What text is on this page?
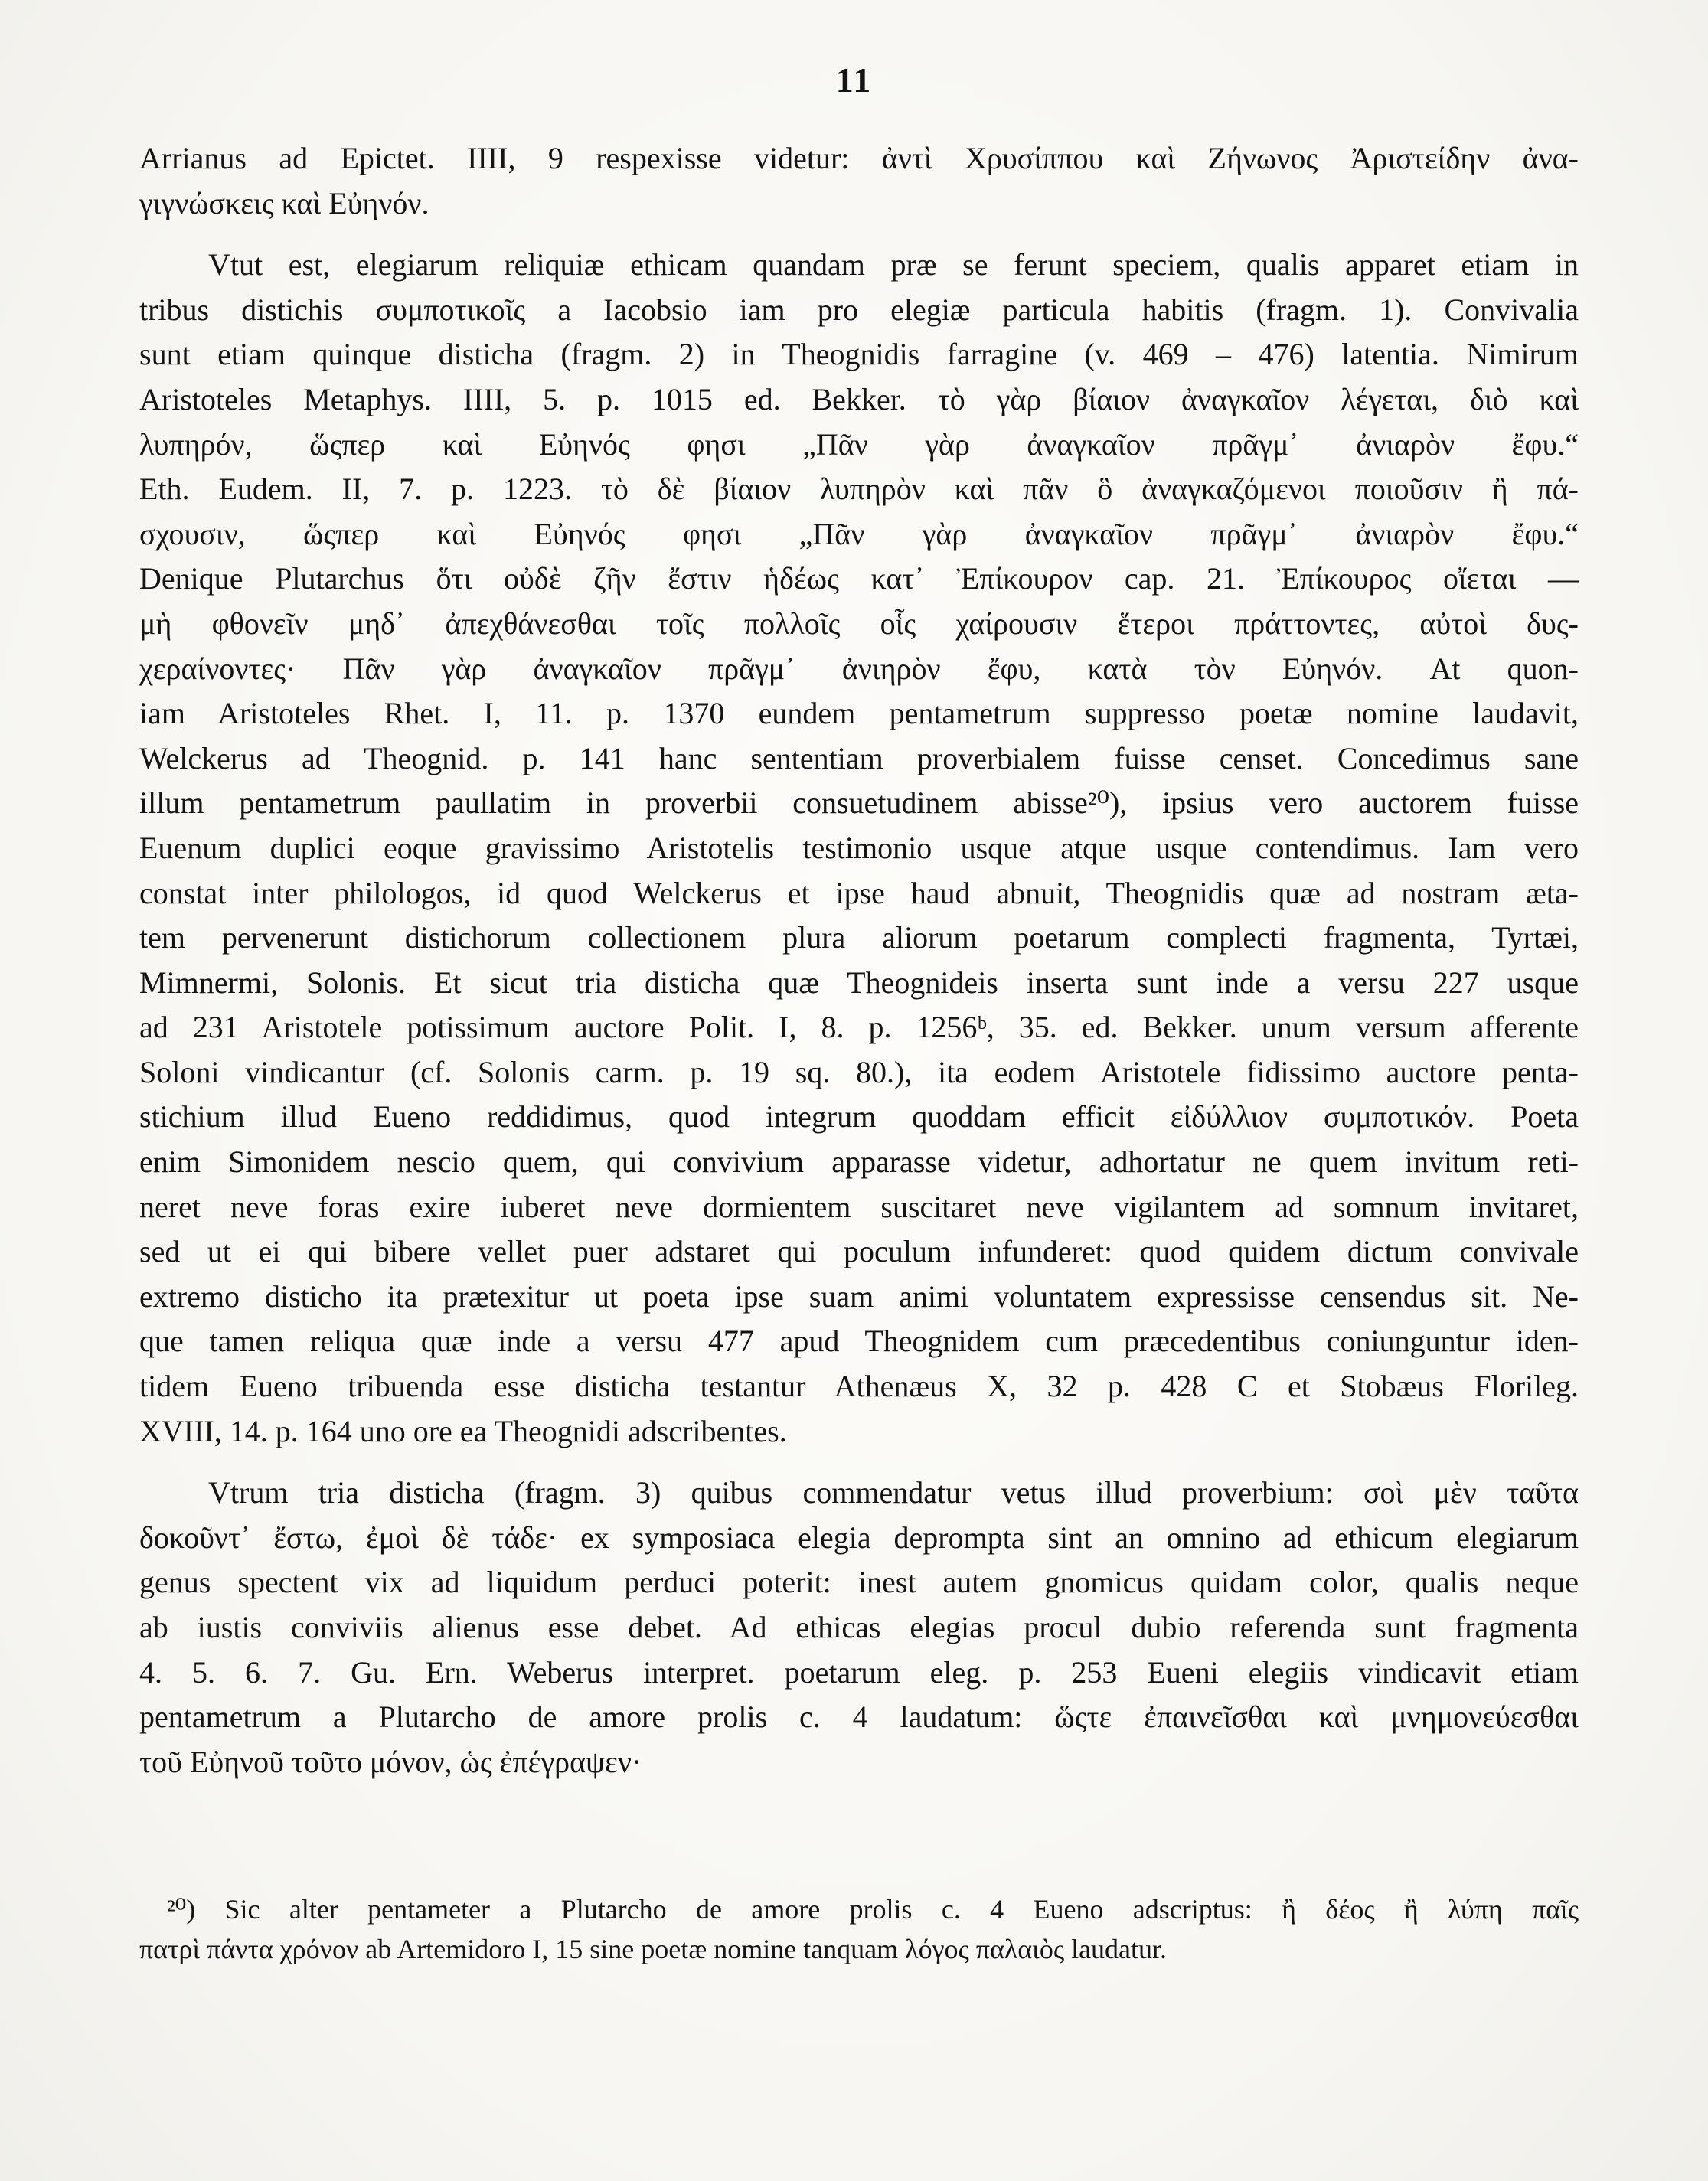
11
Arrianus ad Epictet. IIII, 9 respexisse videtur: ἀντὶ Χρυσίππου καὶ Ζήνωνος Ἀριστείδην ἀνα-
γιγνώσκεις καὶ Εὐηνόν.
Vtut est, elegiarum reliquiæ ethicam quandam præ se ferunt speciem, qualis apparet etiam in
tribus distichis συμποτικοῖς a Iacobsio iam pro elegiæ particula habitis (fragm. 1). Convivalia
sunt etiam quinque disticha (fragm. 2) in Theognidis farragine (v. 469 – 476) latentia. Nimirum
Aristoteles Metaphys. IIII, 5. p. 1015 ed. Bekker. τὸ γὰρ βίαιον ἀναγκαῖον λέγεται, διὸ καὶ
λυπηρόν, ὥςπερ καὶ Εὐηνός φησι „Πᾶν γὰρ ἀναγκαῖον πρᾶγμ᾽ ἀνιαρὸν ἔφυ.“
Eth. Eudem. II, 7. p. 1223. τὸ δὲ βίαιον λυπηρὸν καὶ πᾶν ὃ ἀναγκαζόμενοι ποιοῦσιν ἢ πά-
σχουσιν, ὥςπερ καὶ Εὐηνός φησι „Πᾶν γὰρ ἀναγκαῖον πρᾶγμ᾽ ἀνιαρὸν ἔφυ.“
Denique Plutarchus ὅτι οὐδὲ ζῆν ἔστιν ἡδέως κατ᾽ Ἐπίκουρον cap. 21. Ἐπίκουρος οἴεται —
μὴ φθονεῖν μηδ᾽ ἀπεχθάνεσθαι τοῖς πολλοῖς οἷς χαίρουσιν ἕτεροι πράττοντες, αὐτοὶ δυς-
χεραίνοντες· Πᾶν γὰρ ἀναγκαῖον πρᾶγμ᾽ ἀνιηρὸν ἔφυ, κατὰ τὸν Εὐηνόν. At quon-
iam Aristoteles Rhet. I, 11. p. 1370 eundem pentametrum suppresso poetæ nomine laudavit,
Welckerus ad Theognid. p. 141 hanc sententiam proverbialem fuisse censet. Concedimus sane
illum pentametrum paullatim in proverbii consuetudinem abisse²⁰), ipsius vero auctorem fuisse
Euenum duplici eoque gravissimo Aristotelis testimonio usque atque usque contendimus. Iam vero
constat inter philologos, id quod Welckerus et ipse haud abnuit, Theognidis quæ ad nostram æta-
tem pervenerunt distichorum collectionem plura aliorum poetarum complecti fragmenta, Tyrtæi,
Mimnermi, Solonis. Et sicut tria disticha quæ Theognideis inserta sunt inde a versu 227 usque
ad 231 Aristotele potissimum auctore Polit. I, 8. p. 1256ᵇ, 35. ed. Bekker. unum versum afferente
Soloni vindicantur (cf. Solonis carm. p. 19 sq. 80.), ita eodem Aristotele fidissimo auctore penta-
stichium illud Eueno reddidimus, quod integrum quoddam efficit εἰδύλλιον συμποτικόν. Poeta
enim Simonidem nescio quem, qui convivium apparasse videtur, adhortatur ne quem invitum reti-
neret neve foras exire iuberet neve dormientem suscitaret neve vigilantem ad somnum invitaret,
sed ut ei qui bibere vellet puer adstaret qui poculum infunderet: quod quidem dictum convivale
extremo disticho ita prætexitur ut poeta ipse suam animi voluntatem expressisse censendus sit. Ne-
que tamen reliqua quæ inde a versu 477 apud Theognidem cum præcedentibus coniunguntur iden-
tidem Eueno tribuenda esse disticha testantur Athenæus X, 32 p. 428 C et Stobæus Florileg.
XVIII, 14. p. 164 uno ore ea Theognidi adscribentes.
Vtrum tria disticha (fragm. 3) quibus commendatur vetus illud proverbium: σοὶ μὲν ταῦτα
δοκοῦντ᾽ ἔστω, ἐμοὶ δὲ τάδε· ex symposiaca elegia deprompta sint an omnino ad ethicum elegiarum
genus spectent vix ad liquidum perduci poterit: inest autem gnomicus quidam color, qualis neque
ab iustis conviviis alienus esse debet. Ad ethicas elegias procul dubio referenda sunt fragmenta
4. 5. 6. 7. Gu. Ern. Weberus interpret. poetarum eleg. p. 253 Eueni elegiis vindicavit etiam
pentametrum a Plutarcho de amore prolis c. 4 laudatum: ὥςτε ἐπαινεῖσθαι καὶ μνημονεύεσθαι
τοῦ Εὐηνοῦ τοῦτο μόνον, ὡς ἐπέγραψεν·
²⁰) Sic alter pentameter a Plutarcho de amore prolis c. 4 Eueno adscriptus: ἢ δέος ἢ λύπη παῖς
πατρὶ πάντα χρόνον ab Artemidoro I, 15 sine poetæ nomine tanquam λόγος παλαιὸς laudatur.
